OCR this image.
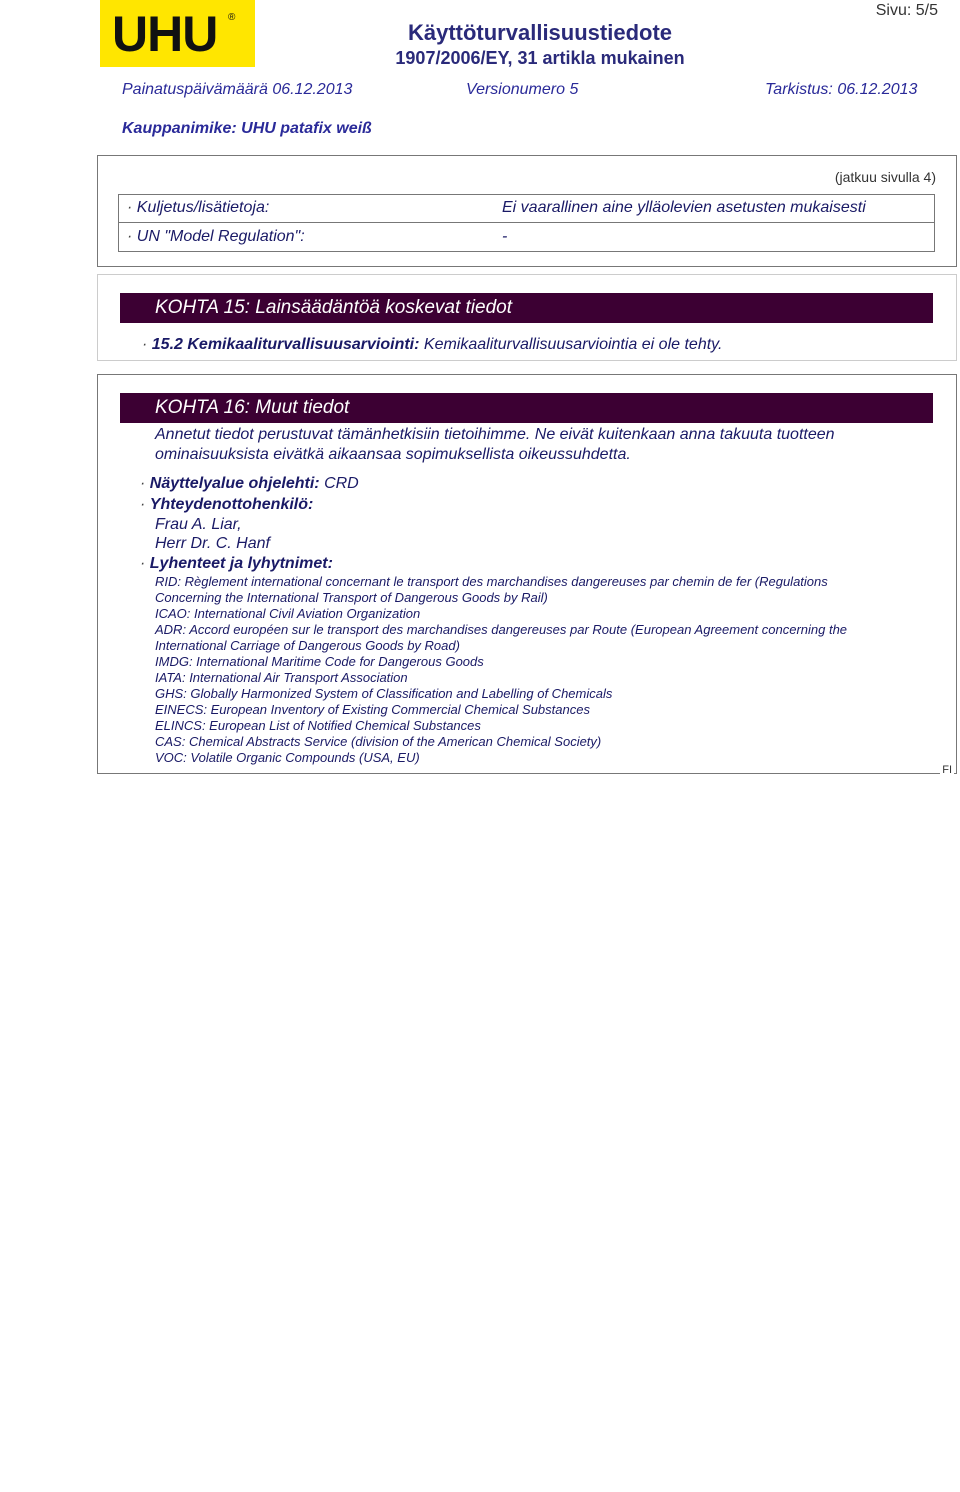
UHU ®
Käyttöturvallisuustiedote
1907/2006/EY, 31 artikla mukainen
Sivu: 5/5
Painatuspäivämäärä 06.12.2013	Versionumero 5	Tarkistus: 06.12.2013
Kauppanimike: UHU patafix weiß
(jatkuu sivulla 4)
· Kuljetus/lisätietoja:	Ei vaarallinen aine ylläolevien asetusten mukaisesti
· UN "Model Regulation":	-
KOHTA 15: Lainsäädäntöä koskevat tiedot
· 15.2 Kemikaaliturvallisuusarviointi: Kemikaaliturvallisuusarviointia ei ole tehty.
KOHTA 16: Muut tiedot
Annetut tiedot perustuvat tämänhetkisiin tietoihimme. Ne eivät kuitenkaan anna takuuta tuotteen
ominaisuuksista eivätkä aikaansaa sopimuksellista oikeussuhdetta.
· Näyttelyalue ohjelehti: CRD
· Yhteydenottohenkilö:
Frau A. Liar,
Herr Dr. C. Hanf
· Lyhenteet ja lyhytnimet:
RID: Règlement international concernant le transport des marchandises dangereuses par chemin de fer (Regulations
Concerning the International Transport of Dangerous Goods by Rail)
ICAO: International Civil Aviation Organization
ADR: Accord européen sur le transport des marchandises dangereuses par Route (European Agreement concerning the
International Carriage of Dangerous Goods by Road)
IMDG: International Maritime Code for Dangerous Goods
IATA: International Air Transport Association
GHS: Globally Harmonized System of Classification and Labelling of Chemicals
EINECS: European Inventory of Existing Commercial Chemical Substances
ELINCS: European List of Notified Chemical Substances
CAS: Chemical Abstracts Service (division of the American Chemical Society)
VOC: Volatile Organic Compounds (USA, EU)
FI
